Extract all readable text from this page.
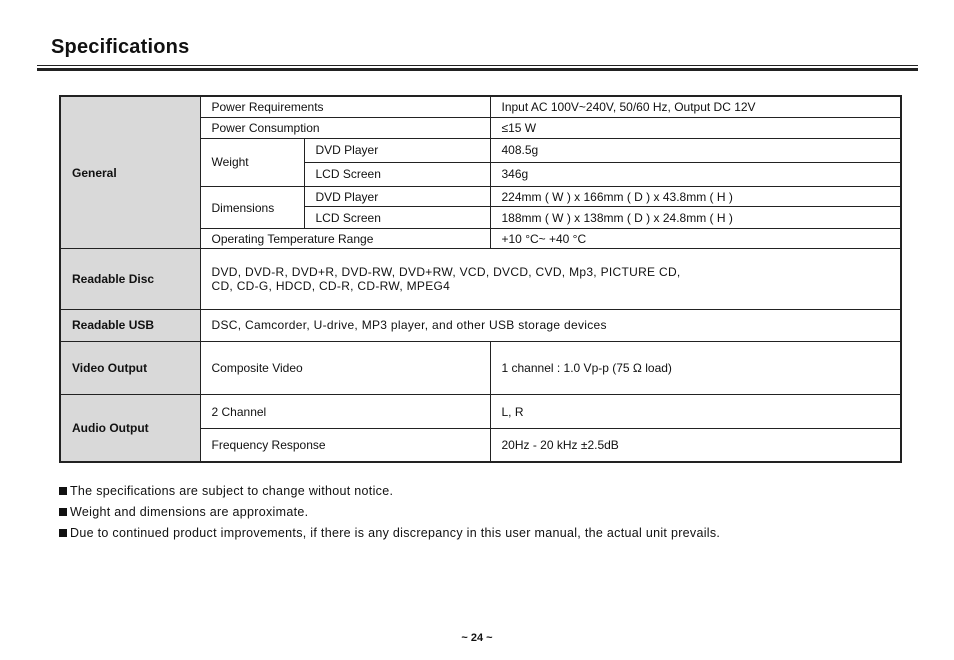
Specifications
General	Power Requirements		Input AC 100V~240V, 50/60 Hz, Output DC 12V
	Power Consumption		≤15 W
	Weight	DVD Player	408.5g
		LCD Screen	346g
	Dimensions	DVD Player	224mm ( W ) x 166mm ( D ) x 43.8mm ( H )
		LCD Screen	188mm ( W ) x 138mm ( D ) x 24.8mm ( H )
	Operating Temperature Range		+10 °C~ +40 °C
Readable Disc	DVD, DVD-R, DVD+R, DVD-RW, DVD+RW, VCD, DVCD, CVD, Mp3, PICTURE CD,
CD, CD-G, HDCD, CD-R, CD-RW, MPEG4		

Readable USB	DSC, Camcorder, U-drive, MP3 player, and other USB storage devices		
Video Output	Composite Video		1 channel : 1.0 Vp-p (75 Ω load)
Audio Output	2 Channel		L, R
	Frequency Response		20Hz - 20 kHz ±2.5dB
The specifications are subject to change without notice.
Weight and dimensions are approximate.
Due to continued product improvements, if there is any discrepancy in this user manual, the actual unit prevails.
~ 24 ~
